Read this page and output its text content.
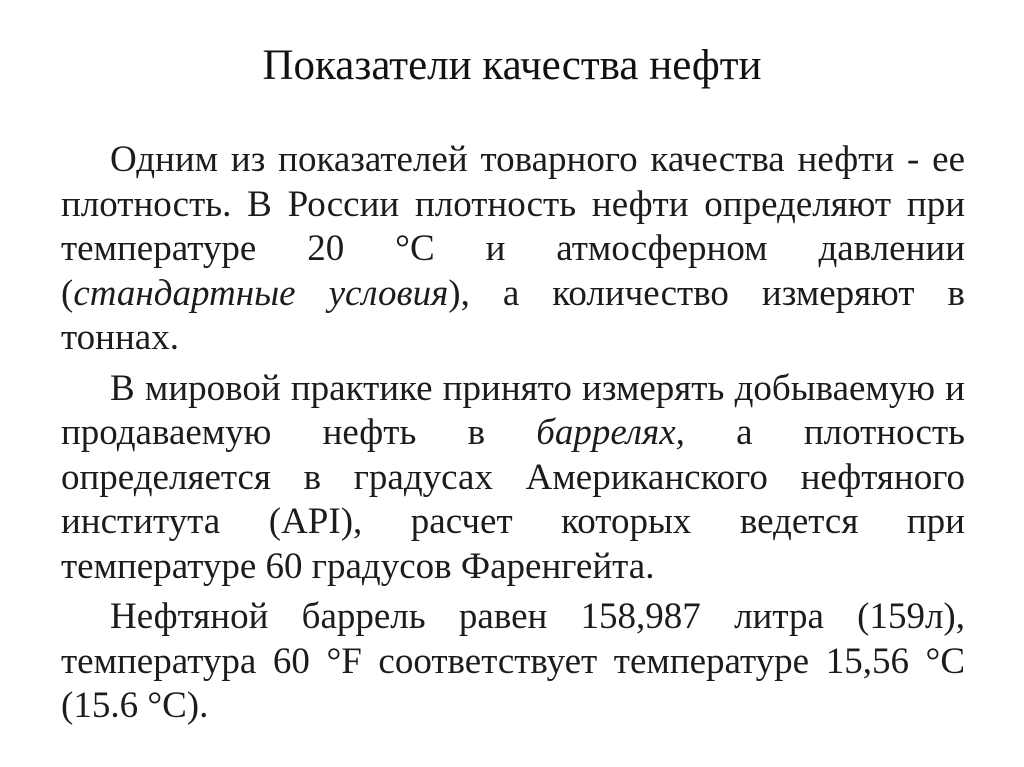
Показатели качества нефти

Одним из показателей товарного качества нефти - ее плотность. В России плотность нефти определяют при температуре 20 °С и атмосферном давлении (стандартные условия), а количество измеряют в тоннах.

В мировой практике принято измерять добываемую и продаваемую нефть в баррелях, а плотность определяется в градусах Американского нефтяного института (API), расчет которых ведется при температуре 60 градусов Фаренгейта.

Нефтяной баррель равен 158,987 литра (159л), температура 60 °F соответствует температуре 15,56 °С (15.6 °С).
